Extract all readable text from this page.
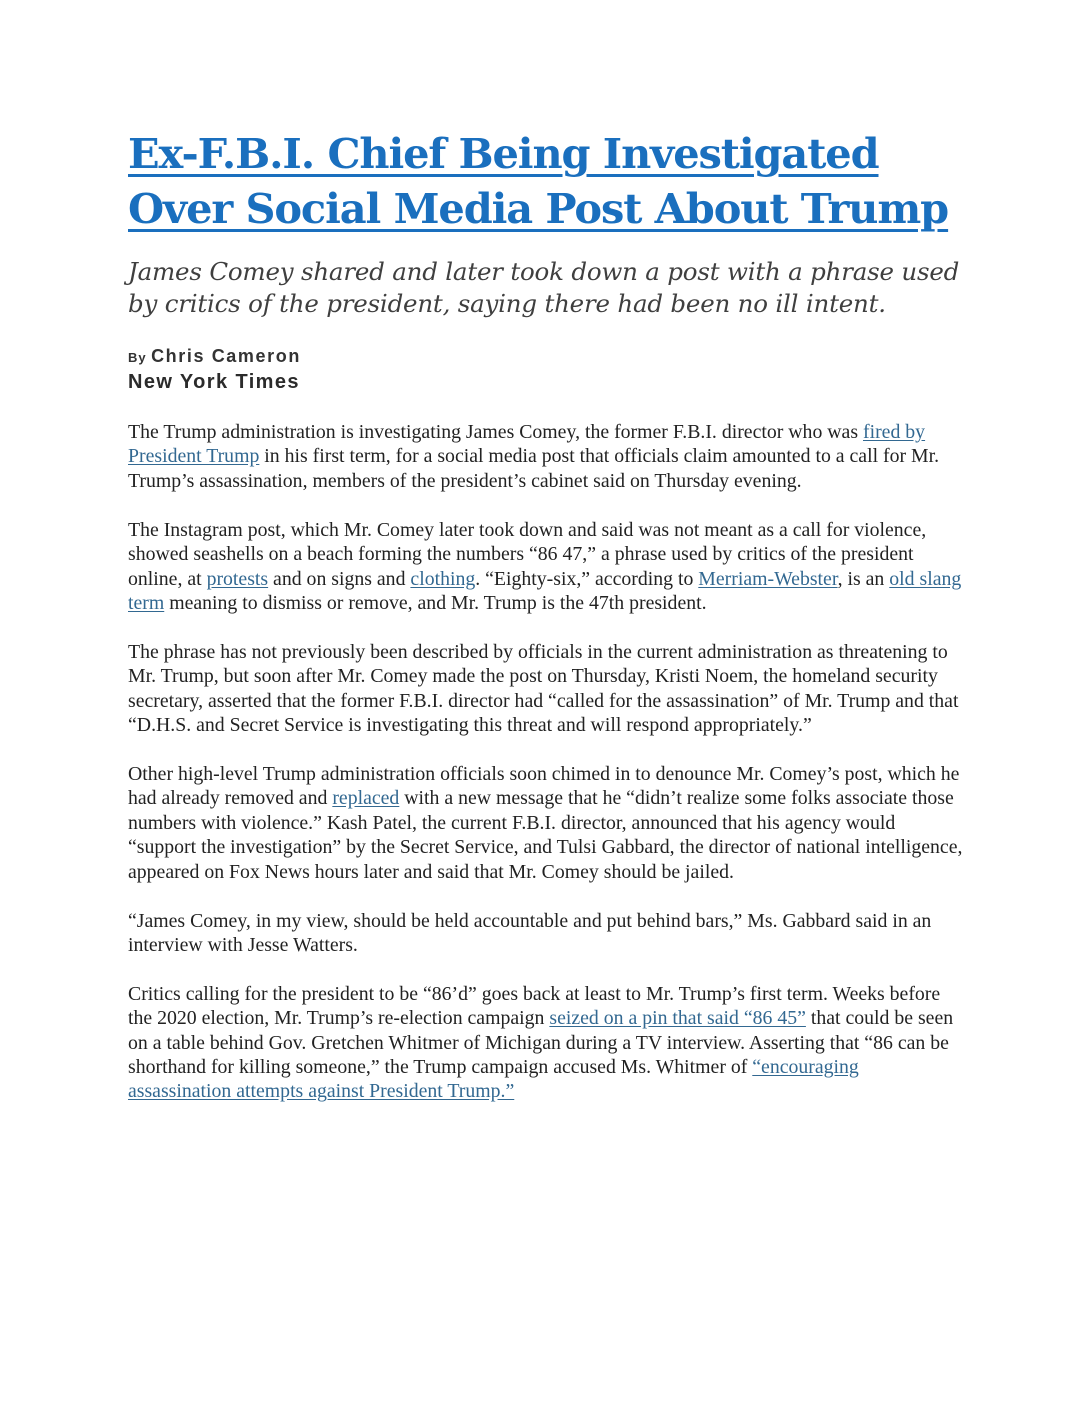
Ex-F.B.I. Chief Being Investigated Over Social Media Post About Trump

James Comey shared and later took down a post with a phrase used by critics of the president, saying there had been no ill intent.

By Chris Cameron
New York Times

The Trump administration is investigating James Comey, the former F.B.I. director who was fired by President Trump in his first term, for a social media post that officials claim amounted to a call for Mr. Trump’s assassination, members of the president’s cabinet said on Thursday evening.

The Instagram post, which Mr. Comey later took down and said was not meant as a call for violence, showed seashells on a beach forming the numbers “86 47,” a phrase used by critics of the president online, at protests and on signs and clothing. “Eighty-six,” according to Merriam-Webster, is an old slang term meaning to dismiss or remove, and Mr. Trump is the 47th president.

The phrase has not previously been described by officials in the current administration as threatening to Mr. Trump, but soon after Mr. Comey made the post on Thursday, Kristi Noem, the homeland security secretary, asserted that the former F.B.I. director had “called for the assassination” of Mr. Trump and that “D.H.S. and Secret Service is investigating this threat and will respond appropriately.”

Other high-level Trump administration officials soon chimed in to denounce Mr. Comey’s post, which he had already removed and replaced with a new message that he “didn’t realize some folks associate those numbers with violence.” Kash Patel, the current F.B.I. director, announced that his agency would “support the investigation” by the Secret Service, and Tulsi Gabbard, the director of national intelligence, appeared on Fox News hours later and said that Mr. Comey should be jailed.

“James Comey, in my view, should be held accountable and put behind bars,” Ms. Gabbard said in an interview with Jesse Watters.

Critics calling for the president to be “86’d” goes back at least to Mr. Trump’s first term. Weeks before the 2020 election, Mr. Trump’s re-election campaign seized on a pin that said “86 45” that could be seen on a table behind Gov. Gretchen Whitmer of Michigan during a TV interview. Asserting that “86 can be shorthand for killing someone,” the Trump campaign accused Ms. Whitmer of “encouraging assassination attempts against President Trump.”
